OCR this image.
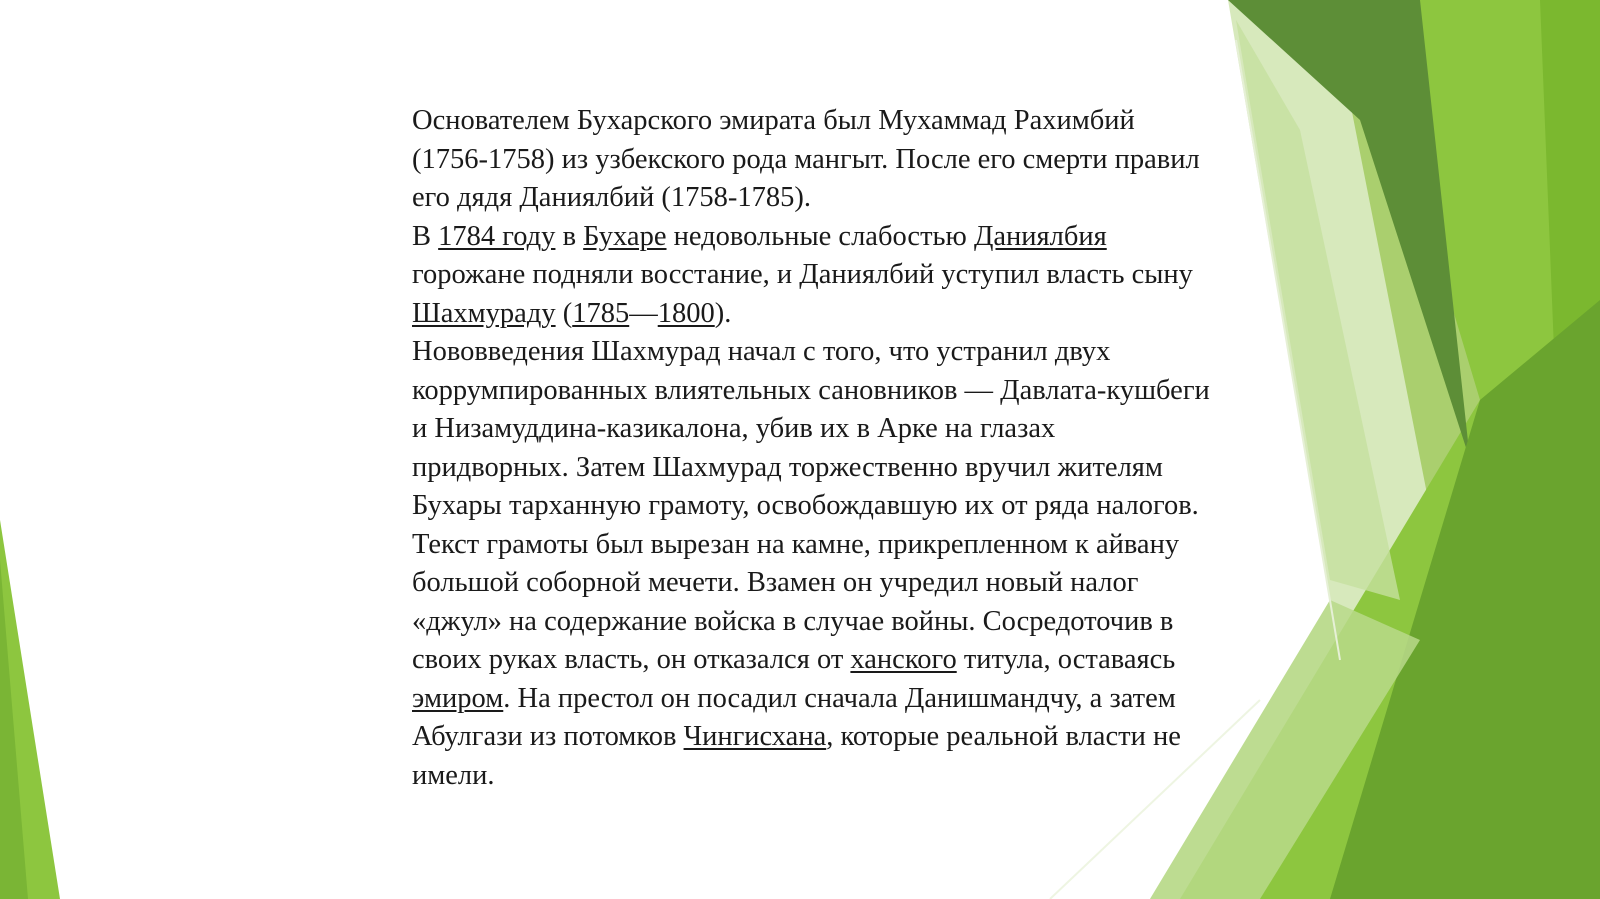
Основателем Бухарского эмирата был Мухаммад Рахимбий (1756-1758) из узбекского рода мангыт. После его смерти правил его дядя Даниялбий (1758-1785).

В 1784 году в Бухаре недовольные слабостью Даниялбия горожане подняли восстание, и Даниялбий уступил власть сыну Шахмураду (1785—1800).

Нововведения Шахмурад начал с того, что устранил двух коррумпированных влиятельных сановников — Давлата-кушбеги и Низамуддина-казикалона, убив их в Арке на глазах придворных. Затем Шахмурад торжественно вручил жителям Бухары тарханную грамоту, освобождавшую их от ряда налогов. Текст грамоты был вырезан на камне, прикрепленном к айвану большой соборной мечети. Взамен он учредил новый налог «джул» на содержание войска в случае войны. Сосредоточив в своих руках власть, он отказался от ханского титула, оставаясь эмиром. На престол он посадил сначала Данишмандчу, а затем Абулгази из потомков Чингисхана, которые реальной власти не имели.
